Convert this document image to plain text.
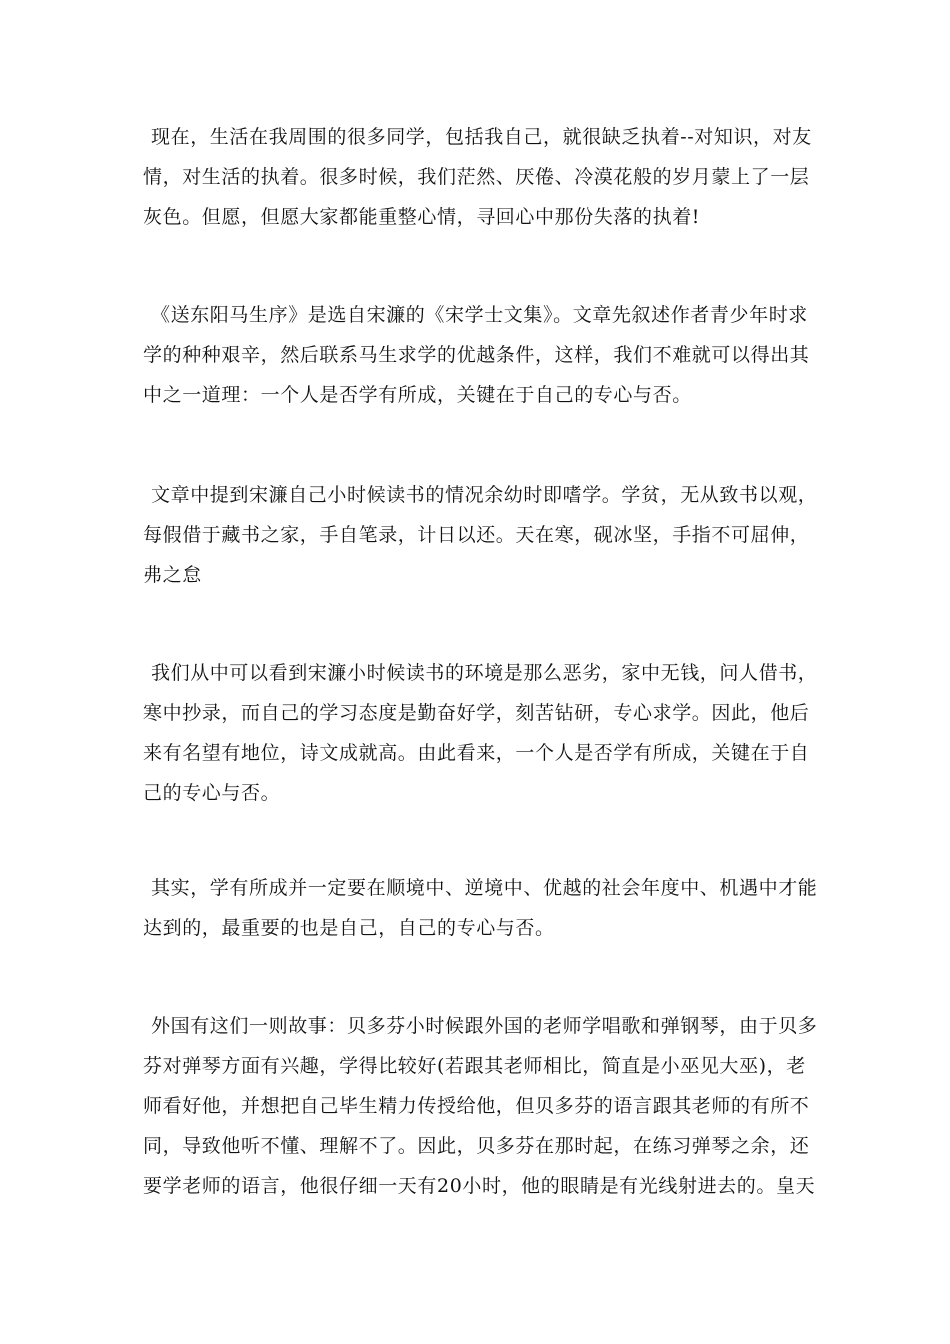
现在，生活在我周围的很多同学，包括我自己，就很缺乏执着--对知识，对友
情，对生活的执着。很多时候，我们茫然、厌倦、冷漠花般的岁月蒙上了一层
灰色。但愿，但愿大家都能重整心情，寻回心中那份失落的执着!

《送东阳马生序》是选自宋濂的《宋学士文集》。文章先叙述作者青少年时求
学的种种艰辛，然后联系马生求学的优越条件，这样，我们不难就可以得出其
中之一道理：一个人是否学有所成，关键在于自己的专心与否。

文章中提到宋濂自己小时候读书的情况余幼时即嗜学。学贫，无从致书以观，
每假借于藏书之家，手自笔录，计日以还。天在寒，砚冰坚，手指不可屈伸，
弗之怠

我们从中可以看到宋濂小时候读书的环境是那么恶劣，家中无钱，问人借书，
寒中抄录，而自己的学习态度是勤奋好学，刻苦钻研，专心求学。因此，他后
来有名望有地位，诗文成就高。由此看来，一个人是否学有所成，关键在于自
己的专心与否。

其实，学有所成并一定要在顺境中、逆境中、优越的社会年度中、机遇中才能
达到的，最重要的也是自己，自己的专心与否。

外国有这们一则故事：贝多芬小时候跟外国的老师学唱歌和弹钢琴，由于贝多
芬对弹琴方面有兴趣，学得比较好(若跟其老师相比，简直是小巫见大巫)，老
师看好他，并想把自己毕生精力传授给他，但贝多芬的语言跟其老师的有所不
同，导致他听不懂、理解不了。因此，贝多芬在那时起，在练习弹琴之余，还
要学老师的语言，他很仔细一天有20小时，他的眼睛是有光线射进去的。皇天
